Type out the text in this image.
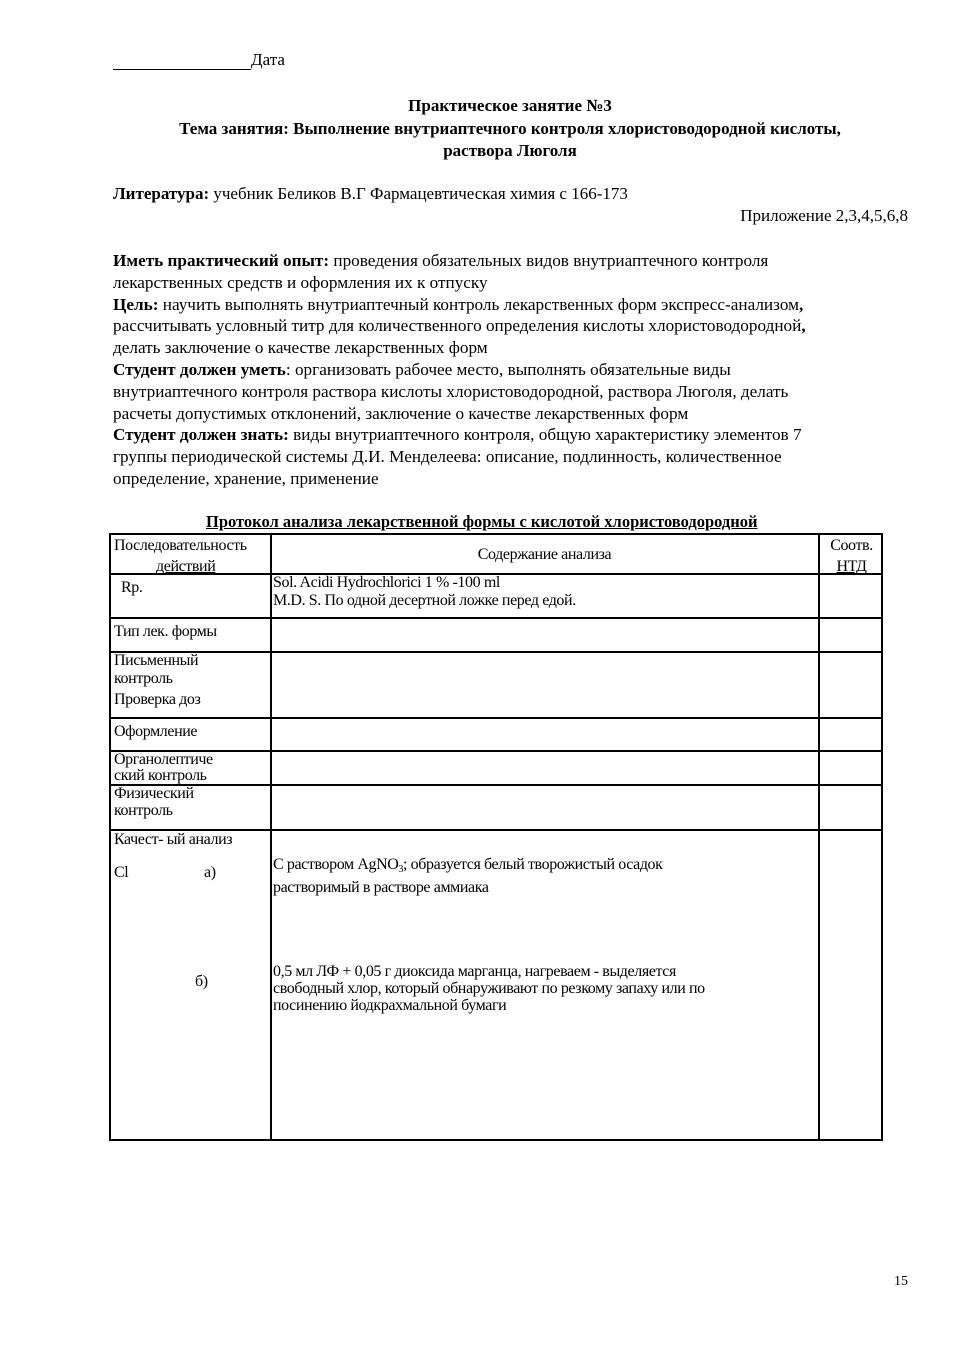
Дата
Практическое занятие №3
Тема занятия: Выполнение внутриаптечного контроля хлористоводородной кислоты,
раствора Люголя
Литература: учебник Беликов В.Г Фармацевтическая химия с 166-173
Приложение 2,3,4,5,6,8
Иметь практический опыт: проведения обязательных видов внутриаптечного контроля
лекарственных средств и оформления их к отпуску
Цель: научить выполнять внутриаптечный контроль лекарственных форм экспресс-анализом,
рассчитывать условный титр для количественного определения кислоты хлористоводородной,
делать заключение о качестве лекарственных форм
Студент должен уметь: организовать рабочее место, выполнять обязательные виды
внутриаптечного контроля раствора кислоты хлористоводородной, раствора Люголя, делать
расчеты допустимых отклонений, заключение о качестве лекарственных форм
Студент должен знать: виды внутриаптечного контроля, общую характеристику элементов 7
группы периодической системы Д.И. Менделеева: описание, подлинность, количественное
определение, хранение, применение
Протокол анализа лекарственной формы с кислотой хлористоводородной
Последовательность
действий
Содержание анализа
Соотв.
НТД
Rp.	Sol. Acidi Hydrochlorici 1 % -100 ml
M.D. S. По одной десертной ложке перед едой.
Тип лек. формы
Письменный
контроль
Проверка доз
Оформление
Органолептиче
ский контроль
Физический
контроль
Качест- ый анализ
Cl	а)
б)
С раствором AgNO$_3$; образуется белый творожистый осадок
растворимый в растворе аммиака
0,5 мл ЛФ + 0,05 г диоксида марганца, нагреваем - выделяется
свободный хлор, который обнаруживают по резкому запаху или по
посинению йодкрахмальной бумаги
15
